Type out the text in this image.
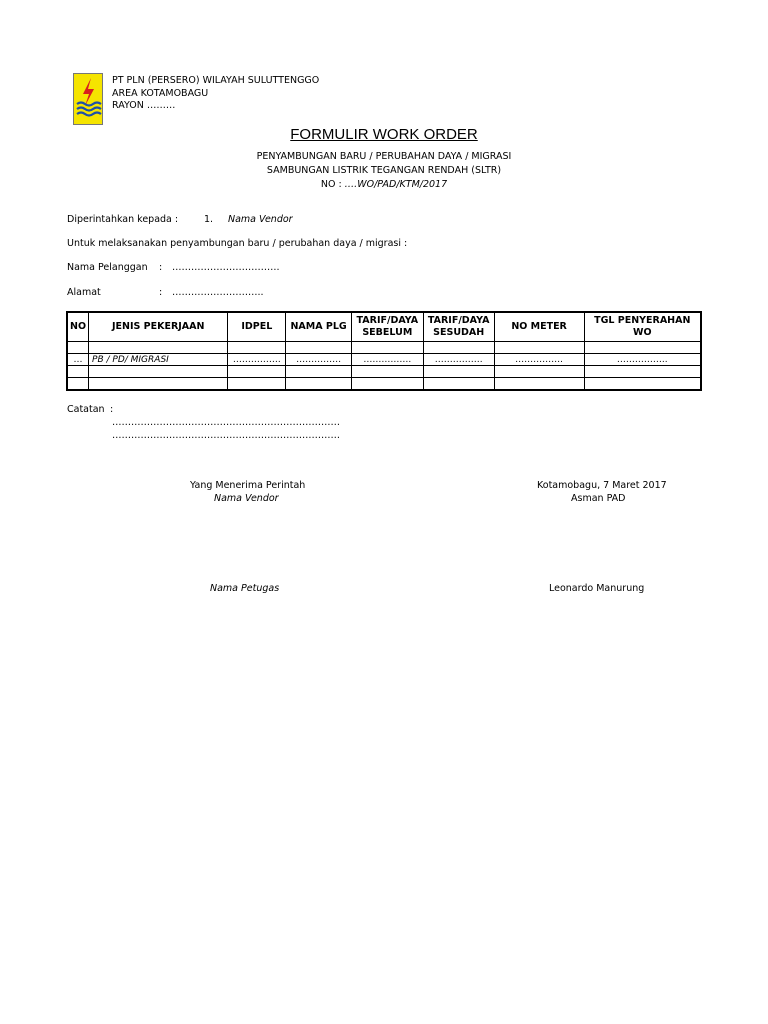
PT PLN (PERSERO) WILAYAH SULUTTENGGO
AREA KOTAMOBAGU
RAYON ………
FORMULIR WORK ORDER
PENYAMBUNGAN BARU / PERUBAHAN DAYA / MIGRASI
SAMBUNGAN LISTRIK TEGANGAN RENDAH (SLTR)
NO : ….WO/PAD/KTM/2017
Diperintahkan kepada :	1. Nama Vendor
Untuk melaksanakan penyambungan baru / perubahan daya / migrasi :
Nama Pelanggan : …………………………….
Alamat	: ………………………..
NO	JENIS PEKERJAAN	IDPEL	NAMA PLG	TARIF/DAYA SEBELUM	TARIF/DAYA SESUDAH	NO METER	TGL PENYERAHAN WO

…	PB / PD/ MIGRASI	…………….	……………	…………….	…………….	…………….	……………..

Catatan :
………………………………………………………………
………………………………………………………………
Yang Menerima Perintah
Nama Vendor
Kotamobagu, 7 Maret 2017
Asman PAD
Nama Petugas	Leonardo Manurung
